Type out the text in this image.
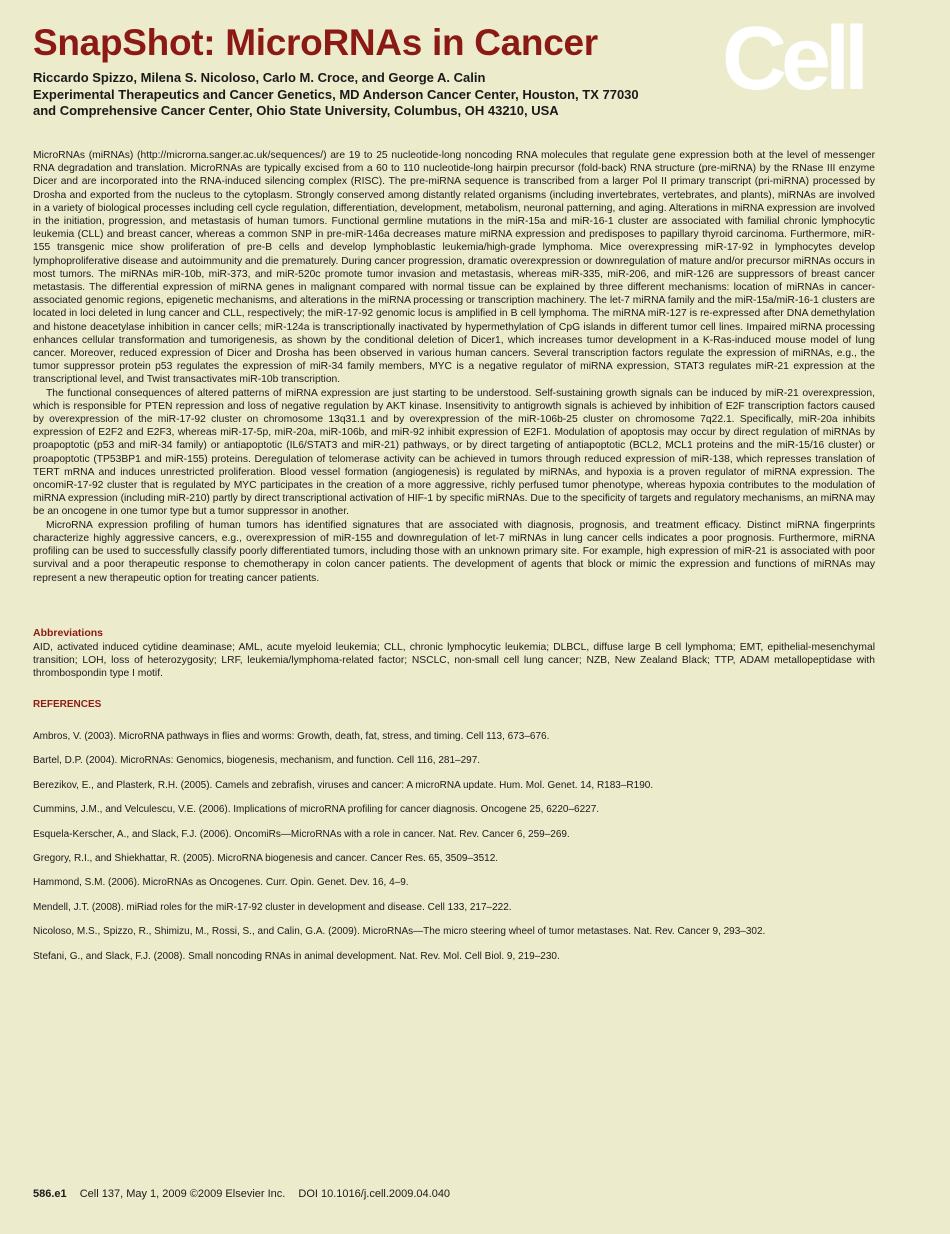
SnapShot: MicroRNAs in Cancer Cell
Riccardo Spizzo, Milena S. Nicoloso, Carlo M. Croce, and George A. Calin
Experimental Therapeutics and Cancer Genetics, MD Anderson Cancer Center, Houston, TX 77030
and Comprehensive Cancer Center, Ohio State University, Columbus, OH 43210, USA

MicroRNAs (miRNAs) (http://microrna.sanger.ac.uk/sequences/) are 19 to 25 nucleotide-long noncoding RNA molecules that regulate gene expression both at the level of messenger RNA degradation and translation. MicroRNAs are typically excised from a 60 to 110 nucleotide-long hairpin precursor (fold-back) RNA structure (pre-miRNA) by the RNase III enzyme Dicer and are incorporated into the RNA-induced silencing complex (RISC). The pre-miRNA sequence is transcribed from a larger Pol II primary transcript (pri-miRNA) processed by Drosha and exported from the nucleus to the cytoplasm. Strongly conserved among distantly related organisms (including invertebrates, vertebrates, and plants), miRNAs are involved in a variety of biological processes including cell cycle regulation, differentiation, development, metabolism, neuronal patterning, and aging. Alterations in miRNA expression are involved in the initiation, progression, and metastasis of human tumors. Functional germline mutations in the miR-15a and miR-16-1 cluster are associated with familial chronic lymphocytic leukemia (CLL) and breast cancer, whereas a common SNP in pre-miR-146a decreases mature miRNA expression and predisposes to papillary thyroid carcinoma. Furthermore, miR-155 transgenic mice show proliferation of pre-B cells and develop lymphoblastic leukemia/high-grade lymphoma. Mice overexpressing miR-17-92 in lymphocytes develop lymphoproliferative disease and autoimmunity and die prematurely. During cancer progression, dramatic overexpression or downregulation of mature and/or precursor miRNAs occurs in most tumors. The miRNAs miR-10b, miR-373, and miR-520c promote tumor invasion and metastasis, whereas miR-335, miR-206, and miR-126 are suppressors of breast cancer metastasis. The differential expression of miRNA genes in malignant compared with normal tissue can be explained by three different mechanisms: location of miRNAs in cancer-associated genomic regions, epigenetic mechanisms, and alterations in the miRNA processing or transcription machinery. The let-7 miRNA family and the miR-15a/miR-16-1 clusters are located in loci deleted in lung cancer and CLL, respectively; the miR-17-92 genomic locus is amplified in B cell lymphoma. The miRNA miR-127 is re-expressed after DNA demethylation and histone deacetylase inhibition in cancer cells; miR-124a is transcriptionally inactivated by hypermethylation of CpG islands in different tumor cell lines. Impaired miRNA processing enhances cellular transformation and tumorigenesis, as shown by the conditional deletion of Dicer1, which increases tumor development in a K-Ras-induced mouse model of lung cancer. Moreover, reduced expression of Dicer and Drosha has been observed in various human cancers. Several transcription factors regulate the expression of miRNAs, e.g., the tumor suppressor protein p53 regulates the expression of miR-34 family members, MYC is a negative regulator of miRNA expression, STAT3 regulates miR-21 expression at the transcriptional level, and Twist transactivates miR-10b transcription.

The functional consequences of altered patterns of miRNA expression are just starting to be understood. Self-sustaining growth signals can be induced by miR-21 overexpression, which is responsible for PTEN repression and loss of negative regulation by AKT kinase. Insensitivity to antigrowth signals is achieved by inhibition of E2F transcription factors caused by overexpression of the miR-17-92 cluster on chromosome 13q31.1 and by overexpression of the miR-106b-25 cluster on chromosome 7q22.1. Specifically, miR-20a inhibits expression of E2F2 and E2F3, whereas miR-17-5p, miR-20a, miR-106b, and miR-92 inhibit expression of E2F1. Modulation of apoptosis may occur by direct regulation of miRNAs by proapoptotic (p53 and miR-34 family) or antiapoptotic (IL6/STAT3 and miR-21) pathways, or by direct targeting of antiapoptotic (BCL2, MCL1 proteins and the miR-15/16 cluster) or proapoptotic (TP53BP1 and miR-155) proteins. Deregulation of telomerase activity can be achieved in tumors through reduced expression of miR-138, which represses translation of TERT mRNA and induces unrestricted proliferation. Blood vessel formation (angiogenesis) is regulated by miRNAs, and hypoxia is a proven regulator of miRNA expression. The oncomiR-17-92 cluster that is regulated by MYC participates in the creation of a more aggressive, richly perfused tumor phenotype, whereas hypoxia contributes to the modulation of miRNA expression (including miR-210) partly by direct transcriptional activation of HIF-1 by specific miRNAs. Due to the specificity of targets and regulatory mechanisms, an miRNA may be an oncogene in one tumor type but a tumor suppressor in another.

MicroRNA expression profiling of human tumors has identified signatures that are associated with diagnosis, prognosis, and treatment efficacy. Distinct miRNA fingerprints characterize highly aggressive cancers, e.g., overexpression of miR-155 and downregulation of let-7 miRNAs in lung cancer cells indicates a poor prognosis. Furthermore, miRNA profiling can be used to successfully classify poorly differentiated tumors, including those with an unknown primary site. For example, high expression of miR-21 is associated with poor survival and a poor therapeutic response to chemotherapy in colon cancer patients. The development of agents that block or mimic the expression and functions of miRNAs may represent a new therapeutic option for treating cancer patients.

Abbreviations
AID, activated induced cytidine deaminase; AML, acute myeloid leukemia; CLL, chronic lymphocytic leukemia; DLBCL, diffuse large B cell lymphoma; EMT, epithelial-mesenchymal transition; LOH, loss of heterozygosity; LRF, leukemia/lymphoma-related factor; NSCLC, non-small cell lung cancer; NZB, New Zealand Black; TTP, ADAM metallopeptidase with thrombospondin type I motif.
REFERENCES
Ambros, V. (2003). MicroRNA pathways in flies and worms: Growth, death, fat, stress, and timing. Cell 113, 673–676.
Bartel, D.P. (2004). MicroRNAs: Genomics, biogenesis, mechanism, and function. Cell 116, 281–297.
Berezikov, E., and Plasterk, R.H. (2005). Camels and zebrafish, viruses and cancer: A microRNA update. Hum. Mol. Genet. 14, R183–R190.
Cummins, J.M., and Velculescu, V.E. (2006). Implications of microRNA profiling for cancer diagnosis. Oncogene 25, 6220–6227.
Esquela-Kerscher, A., and Slack, F.J. (2006). OncomiRs—MicroRNAs with a role in cancer. Nat. Rev. Cancer 6, 259–269.
Gregory, R.I., and Shiekhattar, R. (2005). MicroRNA biogenesis and cancer. Cancer Res. 65, 3509–3512.
Hammond, S.M. (2006). MicroRNAs as Oncogenes. Curr. Opin. Genet. Dev. 16, 4–9.
Mendell, J.T. (2008). miRiad roles for the miR-17-92 cluster in development and disease. Cell 133, 217–222.
Nicoloso, M.S., Spizzo, R., Shimizu, M., Rossi, S., and Calin, G.A. (2009). MicroRNAs—The micro steering wheel of tumor metastases. Nat. Rev. Cancer 9, 293–302.
Stefani, G., and Slack, F.J. (2008). Small noncoding RNAs in animal development. Nat. Rev. Mol. Cell Biol. 9, 219–230.
586.e1 Cell 137, May 1, 2009 ©2009 Elsevier Inc. DOI 10.1016/j.cell.2009.04.040
